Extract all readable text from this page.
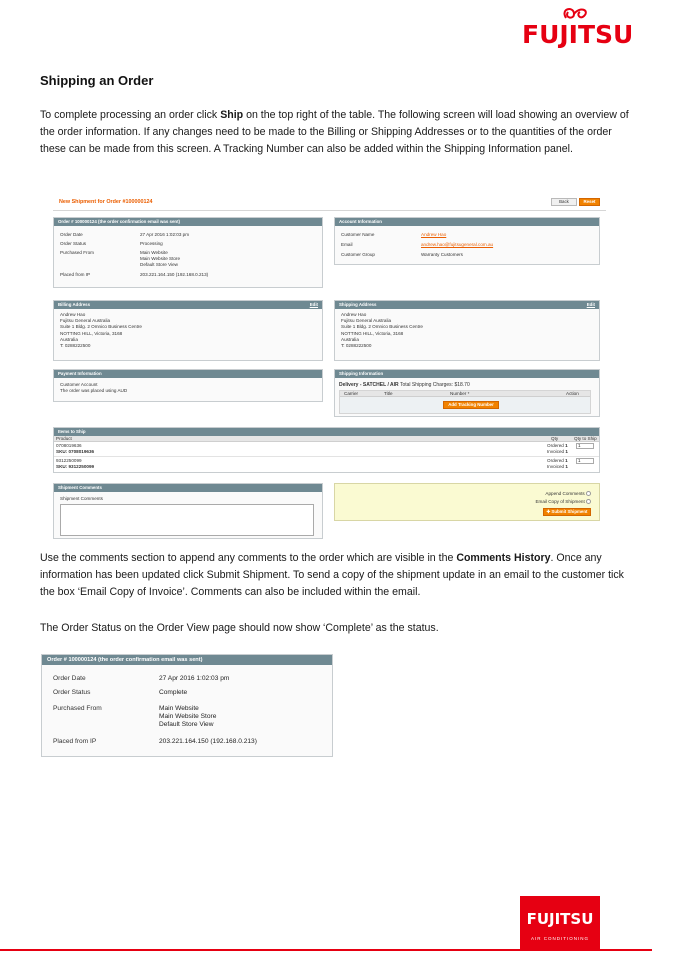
FUJITSU
Shipping an Order
To complete processing an order click Ship on the top right of the table. The following screen will load showing an overview of the order information. If any changes need to be made to the Billing or Shipping Addresses or to the quantities of the order these can be made from this screen. A Tracking Number can also be added within the Shipping Information panel.
New Shipment for Order #100000124	Back	Reset
Order # 100000124 (the order confirmation email was sent)
Order Date	27 Apr 2016 1:02:03 pm
Order Status	Processing
Purchased From	Main Website
Main Website Store
Default Store View
Placed from IP	203.221.164.150 (192.168.0.213)
Account Information
Customer Name	Andrew Hao
Email	andrew.hao@fujitsugeneral.com.au
Customer Group	Warranty Customers
Billing Address	Edit
Andrew Hao
Fujitsu General Australia
Suite 1 Bldg. 2 Omnico Business Centre
NOTTING HILL, Victoria, 3168
Australia
T: 0288222500
Shipping Address	Edit
Andrew Hao
Fujitsu General Australia
Suite 1 Bldg. 2 Omnico Business Centre
NOTTING HILL, Victoria, 3168
Australia
T: 0288222500
Payment Information
Customer Account
The order was placed using AUD
Shipping Information
Delivery - SATCHEL / AIR Total Shipping Charges: $18.70
Carrier	Title	Number *	Action
Add Tracking Number
Items to Ship
Product	Qty	Qty to Ship
0708019636
SKU: 0708019636
Ordered 1
Invoiced 1
1
9312250099
SKU: 9312250099
Ordered 1
Invoiced 1
1
Shipment Comments
Shipment Comments
Append Comments
Email Copy of Shipment
✚ Submit Shipment
Use the comments section to append any comments to the order which are visible in the Comments History. Once any information has been updated click Submit Shipment. To send a copy of the shipment update in an email to the customer tick the box ‘Email Copy of Invoice’. Comments can also be included within the email.
The Order Status on the Order View page should now show ‘Complete’ as the status.
Order # 100000124 (the order confirmation email was sent)
Order Date	27 Apr 2016 1:02:03 pm
Order Status	Complete
Purchased From	Main Website
Main Website Store
Default Store View
Placed from IP	203.221.164.150 (192.168.0.213)
FUJITSU
AIR CONDITIONING
